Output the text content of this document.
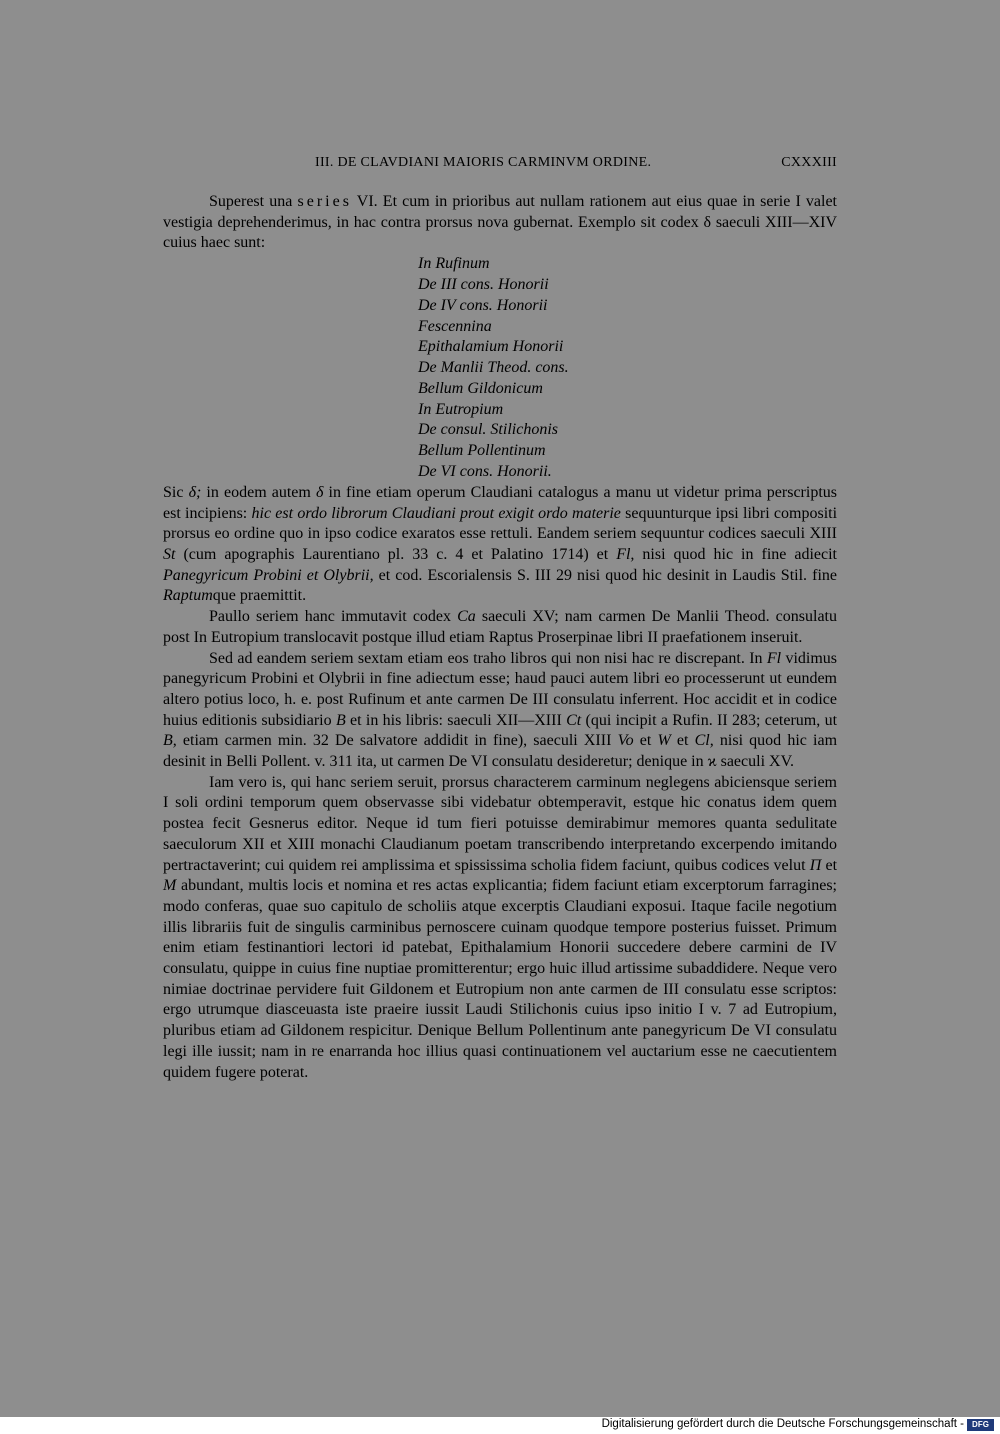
III. DE CLAVDIANI MAIORIS CARMINVM ORDINE.	CXXXIII

Superest una series VI. Et cum in prioribus aut nullam rationem aut eius quae in serie I valet vestigia deprehenderimus, in hac contra prorsus nova gubernat. Exemplo sit codex δ saeculi XIII—XIV cuius haec sunt:

In Rufinum
De III cons. Honorii
De IV cons. Honorii
Fescennina
Epithalamium Honorii
De Manlii Theod. cons.
Bellum Gildonicum
In Eutropium
De consul. Stilichonis
Bellum Pollentinum
De VI cons. Honorii.

Sic δ; in eodem autem δ in fine etiam operum Claudiani catalogus a manu ut videtur prima perscriptus est incipiens: hic est ordo librorum Claudiani prout exigit ordo materie sequunturque ipsi libri compositi prorsus eo ordine quo in ipso codice exaratos esse rettuli. Eandem seriem sequuntur codices saeculi XIII St (cum apographis Laurentiano pl. 33 c. 4 et Palatino 1714) et Fl, nisi quod hic in fine adiecit Panegyricum Probini et Olybrii, et cod. Escorialensis S. III 29 nisi quod hic desinit in Laudis Stil. fine Raptumque praemittit.

Paullo seriem hanc immutavit codex Ca saeculi XV; nam carmen De Manlii Theod. consulatu post In Eutropium translocavit postque illud etiam Raptus Proserpinae libri II praefationem inseruit.

Sed ad eandem seriem sextam etiam eos traho libros qui non nisi hac re discrepant. In Fl vidimus panegyricum Probini et Olybrii in fine adiectum esse; haud pauci autem libri eo processerunt ut eundem altero potius loco, h. e. post Rufinum et ante carmen De III consulatu inferrent. Hoc accidit et in codice huius editionis subsidiario B et in his libris: saeculi XII—XIII Ct (qui incipit a Rufin. II 283; ceterum, ut B, etiam carmen min. 32 De salvatore addidit in fine), saeculi XIII Vo et W et Cl, nisi quod hic iam desinit in Belli Pollent. v. 311 ita, ut carmen De VI consulatu desideretur; denique in ϰ saeculi XV.

Iam vero is, qui hanc seriem seruit, prorsus characterem carminum neglegens abiciensque seriem I soli ordini temporum quem observasse sibi videbatur obtemperavit, estque hic conatus idem quem postea fecit Gesnerus editor. Neque id tum fieri potuisse demirabimur memores quanta sedulitate saeculorum XII et XIII monachi Claudianum poetam transcribendo interpretando excerpendo imitando pertractaverint; cui quidem rei amplissima et spississima scholia fidem faciunt, quibus codices velut Π et M abundant, multis locis et nomina et res actas explicantia; fidem faciunt etiam excerptorum farragines; modo conferas, quae suo capitulo de scholiis atque excerptis Claudiani exposui. Itaque facile negotium illis librariis fuit de singulis carminibus pernoscere cuinam quodque tempore posterius fuisset. Primum enim etiam festinantiori lectori id patebat, Epithalamium Honorii succedere debere carmini de IV consulatu, quippe in cuius fine nuptiae promitterentur; ergo huic illud artissime subaddidere. Neque vero nimiae doctrinae pervidere fuit Gildonem et Eutropium non ante carmen de III consulatu esse scriptos: ergo utrumque diasceuasta iste praeire iussit Laudi Stilichonis cuius ipso initio I v. 7 ad Eutropium, pluribus etiam ad Gildonem respicitur. Denique Bellum Pollentinum ante panegyricum De VI consulatu legi ille iussit; nam in re enarranda hoc illius quasi continuationem vel auctarium esse ne caecutientem quidem fugere poterat.

Digitalisierung gefördert durch die Deutsche Forschungsgemeinschaft -	DFG
